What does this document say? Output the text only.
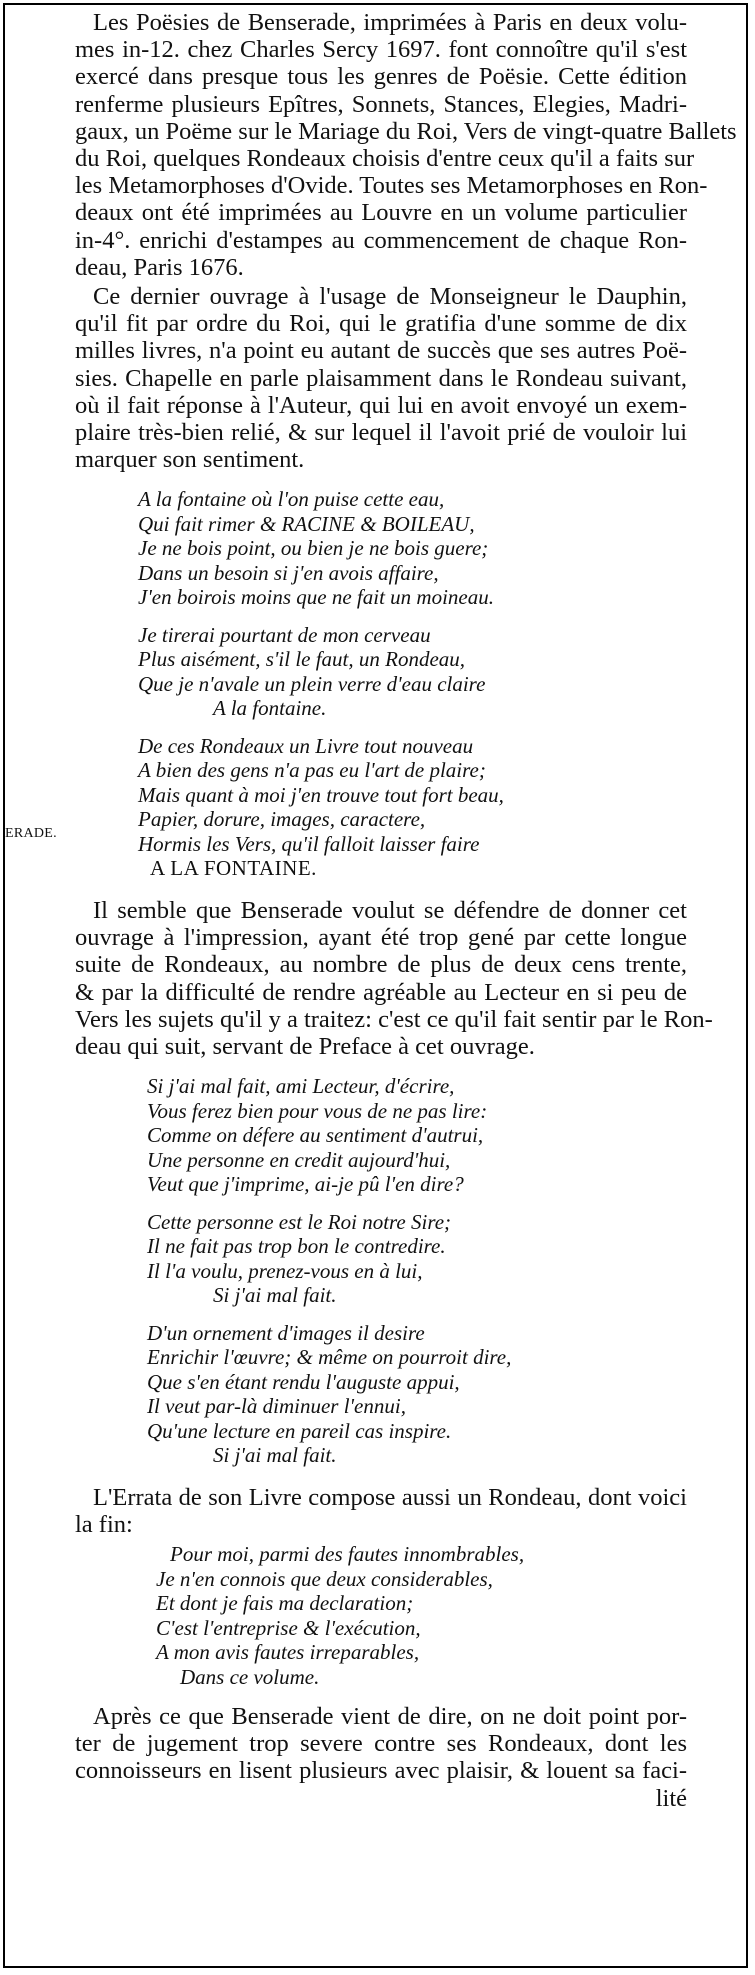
ERADE.
Les Poësies de Benserade, imprimées à Paris en deux volu-
mes in-12. chez Charles Sercy 1697. font connoître qu'il s'est
exercé dans presque tous les genres de Poësie. Cette édition
renferme plusieurs Epîtres, Sonnets, Stances, Elegies, Madri-
gaux, un Poëme sur le Mariage du Roi, Vers de vingt-quatre Ballets
du Roi, quelques Rondeaux choisis d'entre ceux qu'il a faits sur
les Metamorphoses d'Ovide. Toutes ses Metamorphoses en Ron-
deaux ont été imprimées au Louvre en un volume particulier
in-4°. enrichi d'estampes au commencement de chaque Ron-
deau, Paris 1676.
Ce dernier ouvrage à l'usage de Monseigneur le Dauphin,
qu'il fit par ordre du Roi, qui le gratifia d'une somme de dix
milles livres, n'a point eu autant de succès que ses autres Poë-
sies. Chapelle en parle plaisamment dans le Rondeau suivant,
où il fait réponse à l'Auteur, qui lui en avoit envoyé un exem-
plaire très-bien relié, & sur lequel il l'avoit prié de vouloir lui
marquer son sentiment.
A la fontaine où l'on puise cette eau,
Qui fait rimer & RACINE & BOILEAU,
Je ne bois point, ou bien je ne bois guere;
Dans un besoin si j'en avois affaire,
J'en boirois moins que ne fait un moineau.
Je tirerai pourtant de mon cerveau
Plus aisément, s'il le faut, un Rondeau,
Que je n'avale un plein verre d'eau claire
A la fontaine.
De ces Rondeaux un Livre tout nouveau
A bien des gens n'a pas eu l'art de plaire;
Mais quant à moi j'en trouve tout fort beau,
Papier, dorure, images, caractere,
Hormis les Vers, qu'il falloit laisser faire
A LA FONTAINE.
Il semble que Benserade voulut se défendre de donner cet
ouvrage à l'impression, ayant été trop gené par cette longue
suite de Rondeaux, au nombre de plus de deux cens trente,
& par la difficulté de rendre agréable au Lecteur en si peu de
Vers les sujets qu'il y a traitez: c'est ce qu'il fait sentir par le Ron-
deau qui suit, servant de Preface à cet ouvrage.
Si j'ai mal fait, ami Lecteur, d'écrire,
Vous ferez bien pour vous de ne pas lire:
Comme on défere au sentiment d'autrui,
Une personne en credit aujourd'hui,
Veut que j'imprime, ai-je pû l'en dire?
Cette personne est le Roi notre Sire;
Il ne fait pas trop bon le contredire.
Il l'a voulu, prenez-vous en à lui,
Si j'ai mal fait.
D'un ornement d'images il desire
Enrichir l'œuvre; & même on pourroit dire,
Que s'en étant rendu l'auguste appui,
Il veut par-là diminuer l'ennui,
Qu'une lecture en pareil cas inspire.
Si j'ai mal fait.
L'Errata de son Livre compose aussi un Rondeau, dont voici
la fin:
Pour moi, parmi des fautes innombrables,
Je n'en connois que deux considerables,
Et dont je fais ma declaration;
C'est l'entreprise & l'exécution,
A mon avis fautes irreparables,
Dans ce volume.
Après ce que Benserade vient de dire, on ne doit point por-
ter de jugement trop severe contre ses Rondeaux, dont les
connoisseurs en lisent plusieurs avec plaisir, & louent sa faci-
lité
